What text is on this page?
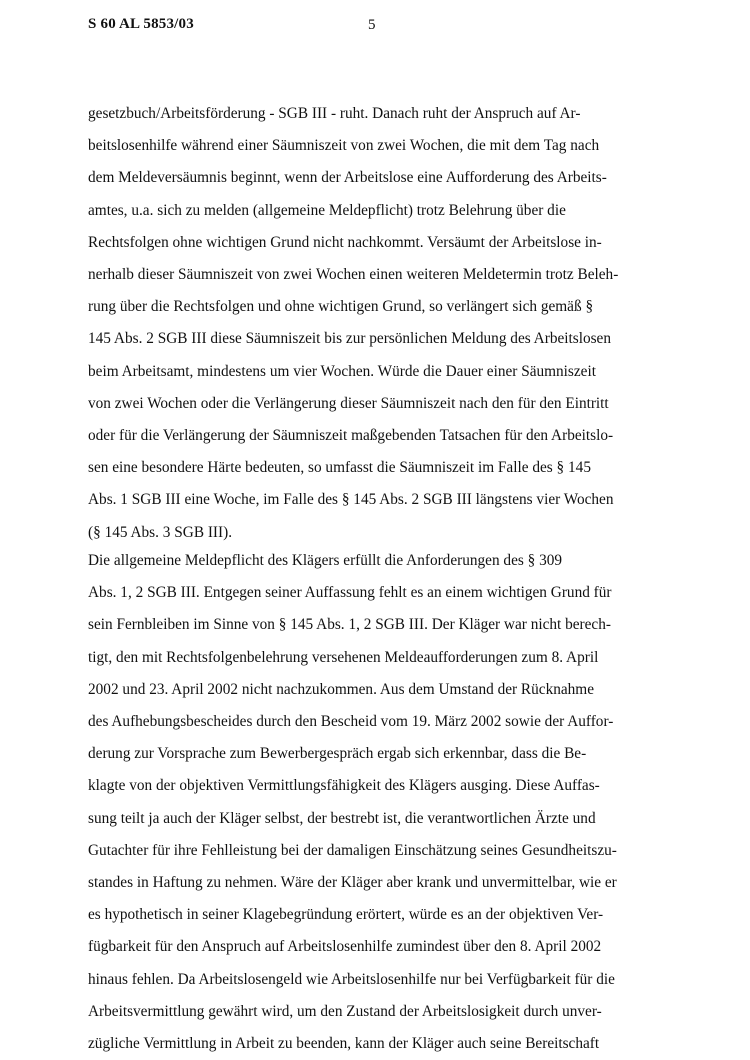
S 60 AL 5853/03	5
gesetzbuch/Arbeitsförderung - SGB III - ruht. Danach ruht der Anspruch auf Ar-
beitslosenhilfe während einer Säumniszeit von zwei Wochen, die mit dem Tag nach
dem Meldeversäumnis beginnt, wenn der Arbeitslose eine Aufforderung des Arbeits-
amtes, u.a. sich zu melden (allgemeine Meldepflicht) trotz Belehrung über die
Rechtsfolgen ohne wichtigen Grund nicht nachkommt. Versäumt der Arbeitslose in-
nerhalb dieser Säumniszeit von zwei Wochen einen weiteren Meldetermin trotz Beleh-
rung über die Rechtsfolgen und ohne wichtigen Grund, so verlängert sich gemäß §
145 Abs. 2 SGB III diese Säumniszeit bis zur persönlichen Meldung des Arbeitslosen
beim Arbeitsamt, mindestens um vier Wochen. Würde die Dauer einer Säumniszeit
von zwei Wochen oder die Verlängerung dieser Säumniszeit nach den für den Eintritt
oder für die Verlängerung der Säumniszeit maßgebenden Tatsachen für den Arbeitslo-
sen eine besondere Härte bedeuten, so umfasst die Säumniszeit im Falle des § 145
Abs. 1 SGB III eine Woche, im Falle des § 145 Abs. 2 SGB III längstens vier Wochen
(§ 145 Abs. 3 SGB III).
Die allgemeine Meldepflicht des Klägers erfüllt die Anforderungen des § 309
Abs. 1, 2 SGB III. Entgegen seiner Auffassung fehlt es an einem wichtigen Grund für
sein Fernbleiben im Sinne von § 145 Abs. 1, 2 SGB III. Der Kläger war nicht berech-
tigt, den mit Rechtsfolgenbelehrung versehenen Meldeaufforderungen zum 8. April
2002 und 23. April 2002 nicht nachzukommen. Aus dem Umstand der Rücknahme
des Aufhebungsbescheides durch den Bescheid vom 19. März 2002 sowie der Auffor-
derung zur Vorsprache zum Bewerbergespräch ergab sich erkennbar, dass die Be-
klagte von der objektiven Vermittlungsfähigkeit des Klägers ausging. Diese Auffas-
sung teilt ja auch der Kläger selbst, der bestrebt ist, die verantwortlichen Ärzte und
Gutachter für ihre Fehlleistung bei der damaligen Einschätzung seines Gesundheitszu-
standes in Haftung zu nehmen. Wäre der Kläger aber krank und unvermittelbar, wie er
es hypothetisch in seiner Klagebegründung erörtert, würde es an der objektiven Ver-
fügbarkeit für den Anspruch auf Arbeitslosenhilfe zumindest über den 8. April 2002
hinaus fehlen. Da Arbeitslosengeld wie Arbeitslosenhilfe nur bei Verfügbarkeit für die
Arbeitsvermittlung gewährt wird, um den Zustand der Arbeitslosigkeit durch unver-
zügliche Vermittlung in Arbeit zu beenden, kann der Kläger auch seine Bereitschaft
